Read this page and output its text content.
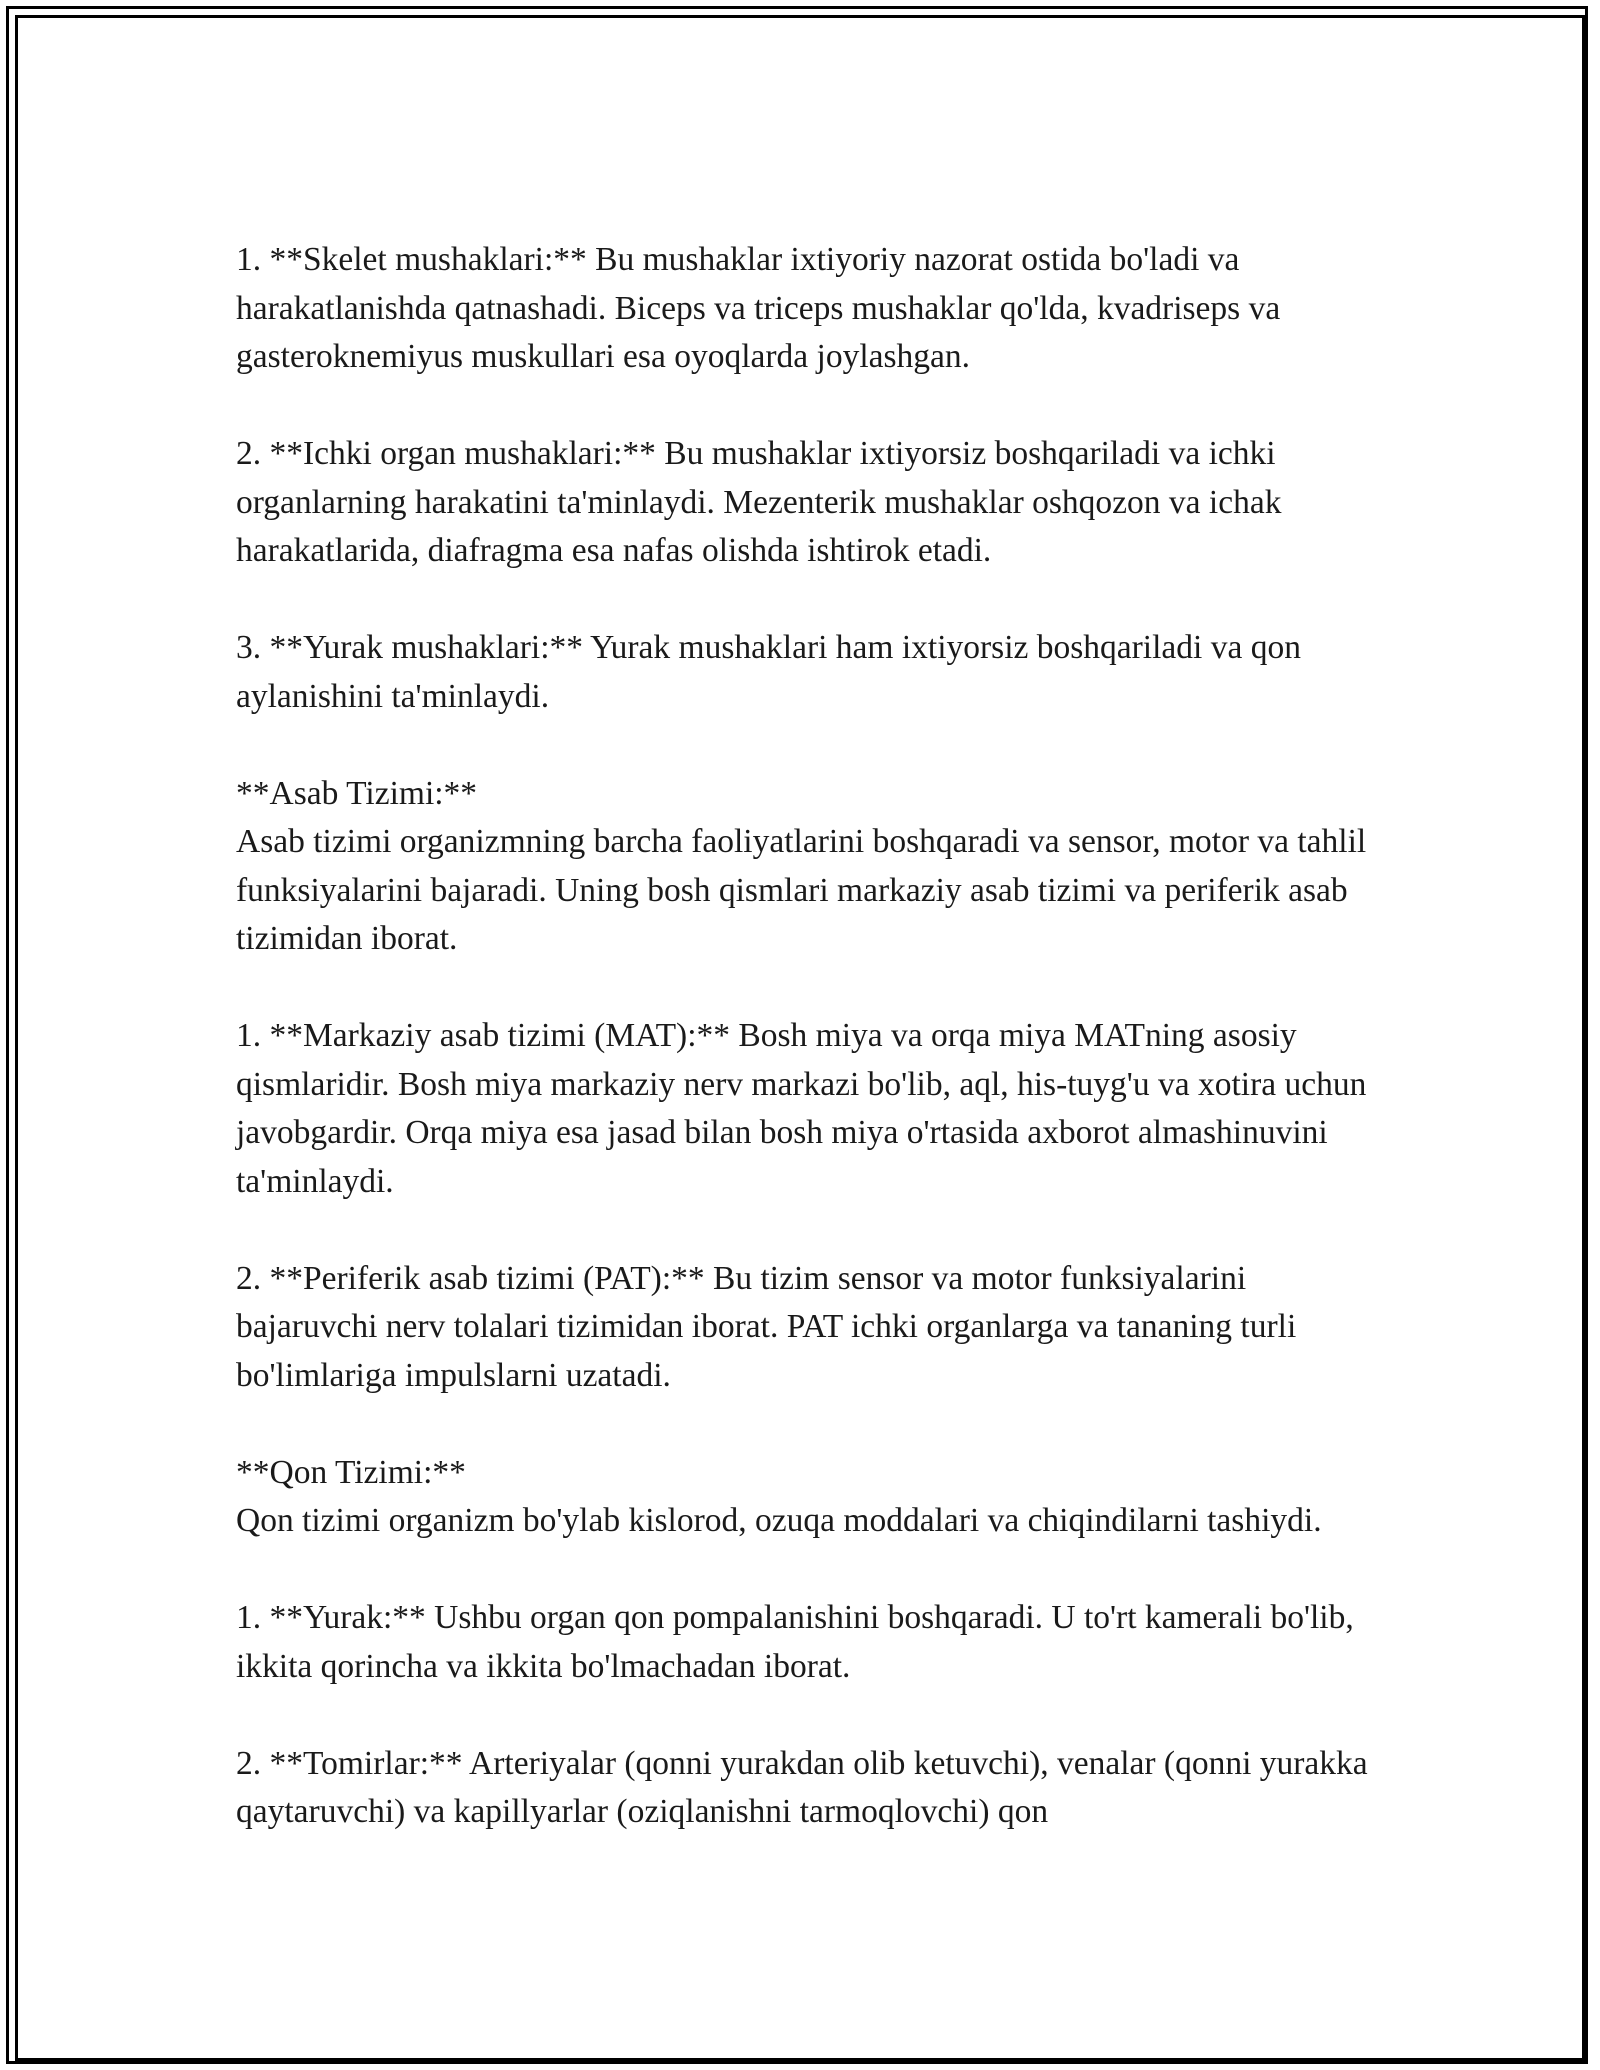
1. **Skelet mushaklari:** Bu mushaklar ixtiyoriy nazorat ostida bo'ladi va harakatlanishda qatnashadi. Biceps va triceps mushaklar qo'lda, kvadriseps va gasteroknemiyus muskullari esa oyoqlarda joylashgan.

2. **Ichki organ mushaklari:** Bu mushaklar ixtiyorsiz boshqariladi va ichki organlarning harakatini ta'minlaydi. Mezenterik mushaklar oshqozon va ichak harakatlarida, diafragma esa nafas olishda ishtirok etadi.

3. **Yurak mushaklari:** Yurak mushaklari ham ixtiyorsiz boshqariladi va qon aylanishini ta'minlaydi.

**Asab Tizimi:**

Asab tizimi organizmning barcha faoliyatlarini boshqaradi va sensor, motor va tahlil funksiyalarini bajaradi. Uning bosh qismlari markaziy asab tizimi va periferik asab tizimidan iborat.

1. **Markaziy asab tizimi (MAT):** Bosh miya va orqa miya MATning asosiy qismlaridir. Bosh miya markaziy nerv markazi bo'lib, aql, his-tuyg'u va xotira uchun javobgardir. Orqa miya esa jasad bilan bosh miya o'rtasida axborot almashinuvini ta'minlaydi.

2. **Periferik asab tizimi (PAT):** Bu tizim sensor va motor funksiyalarini bajaruvchi nerv tolalari tizimidan iborat. PAT ichki organlarga va tananing turli bo'limlariga impulslarni uzatadi.

**Qon Tizimi:**

Qon tizimi organizm bo'ylab kislorod, ozuqa moddalari va chiqindilarni tashiydi.

1. **Yurak:** Ushbu organ qon pompalanishini boshqaradi. U to'rt kamerali bo'lib, ikkita qorincha va ikkita bo'lmachadan iborat.

2. **Tomirlar:** Arteriyalar (qonni yurakdan olib ketuvchi), venalar (qonni yurakka qaytaruvchi) va kapillyarlar (oziqlanishni tarmoqlovchi) qon
